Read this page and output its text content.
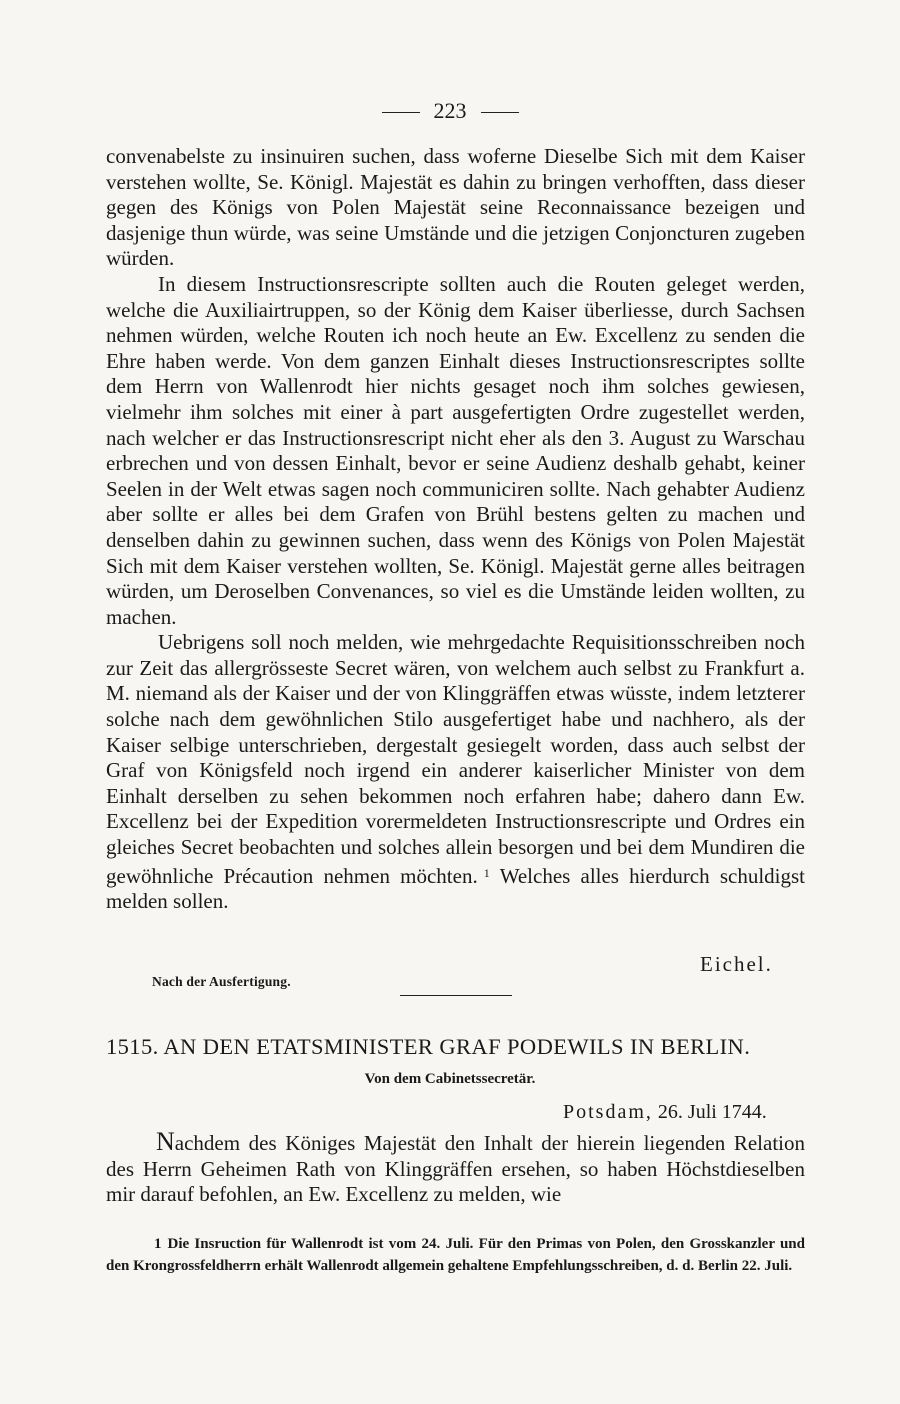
223

convenabelste zu insinuiren suchen, dass woferne Dieselbe Sich mit dem Kaiser verstehen wollte, Se. Königl. Majestät es dahin zu bringen verhofften, dass dieser gegen des Königs von Polen Majestät seine Reconnaissance bezeigen und dasjenige thun würde, was seine Umstände und die jetzigen Conjoncturen zugeben würden.

In diesem Instructionsrescripte sollten auch die Routen geleget werden, welche die Auxiliairtruppen, so der König dem Kaiser überliesse, durch Sachsen nehmen würden, welche Routen ich noch heute an Ew. Excellenz zu senden die Ehre haben werde. Von dem ganzen Einhalt dieses Instructionsrescriptes sollte dem Herrn von Wallenrodt hier nichts gesaget noch ihm solches gewiesen, vielmehr ihm solches mit einer à part ausgefertigten Ordre zugestellet werden, nach welcher er das Instructionsrescript nicht eher als den 3. August zu Warschau erbrechen und von dessen Einhalt, bevor er seine Audienz deshalb gehabt, keiner Seelen in der Welt etwas sagen noch communiciren sollte. Nach gehabter Audienz aber sollte er alles bei dem Grafen von Brühl bestens gelten zu machen und denselben dahin zu gewinnen suchen, dass wenn des Königs von Polen Majestät Sich mit dem Kaiser verstehen wollten, Se. Königl. Majestät gerne alles beitragen würden, um Deroselben Convenances, so viel es die Umstände leiden wollten, zu machen.

Uebrigens soll noch melden, wie mehrgedachte Requisitionsschreiben noch zur Zeit das allergrösseste Secret wären, von welchem auch selbst zu Frankfurt a. M. niemand als der Kaiser und der von Klinggräffen etwas wüsste, indem letzterer solche nach dem gewöhnlichen Stilo ausgefertiget habe und nachhero, als der Kaiser selbige unterschrieben, dergestalt gesiegelt worden, dass auch selbst der Graf von Königsfeld noch irgend ein anderer kaiserlicher Minister von dem Einhalt derselben zu sehen bekommen noch erfahren habe; dahero dann Ew. Excellenz bei der Expedition vorermeldeten Instructionsrescripte und Ordres ein gleiches Secret beobachten und solches allein besorgen und bei dem Mundiren die gewöhnliche Précaution nehmen möchten. $^1$ Welches alles hierdurch schuldigst melden sollen.

Eichel.
Nach der Ausfertigung.
1515. AN DEN ETATSMINISTER GRAF PODEWILS IN BERLIN.
Von dem Cabinetssecretär.
Potsdam, 26. Juli 1744.

Nachdem des Königes Majestät den Inhalt der hierein liegenden Relation des Herrn Geheimen Rath von Klinggräffen ersehen, so haben Höchstdieselben mir darauf befohlen, an Ew. Excellenz zu melden, wie

1 Die Insruction für Wallenrodt ist vom 24. Juli. Für den Primas von Polen, den Grosskanzler und den Krongrossfeldherrn erhält Wallenrodt allgemein gehaltene Empfehlungsschreiben, d. d. Berlin 22. Juli.
